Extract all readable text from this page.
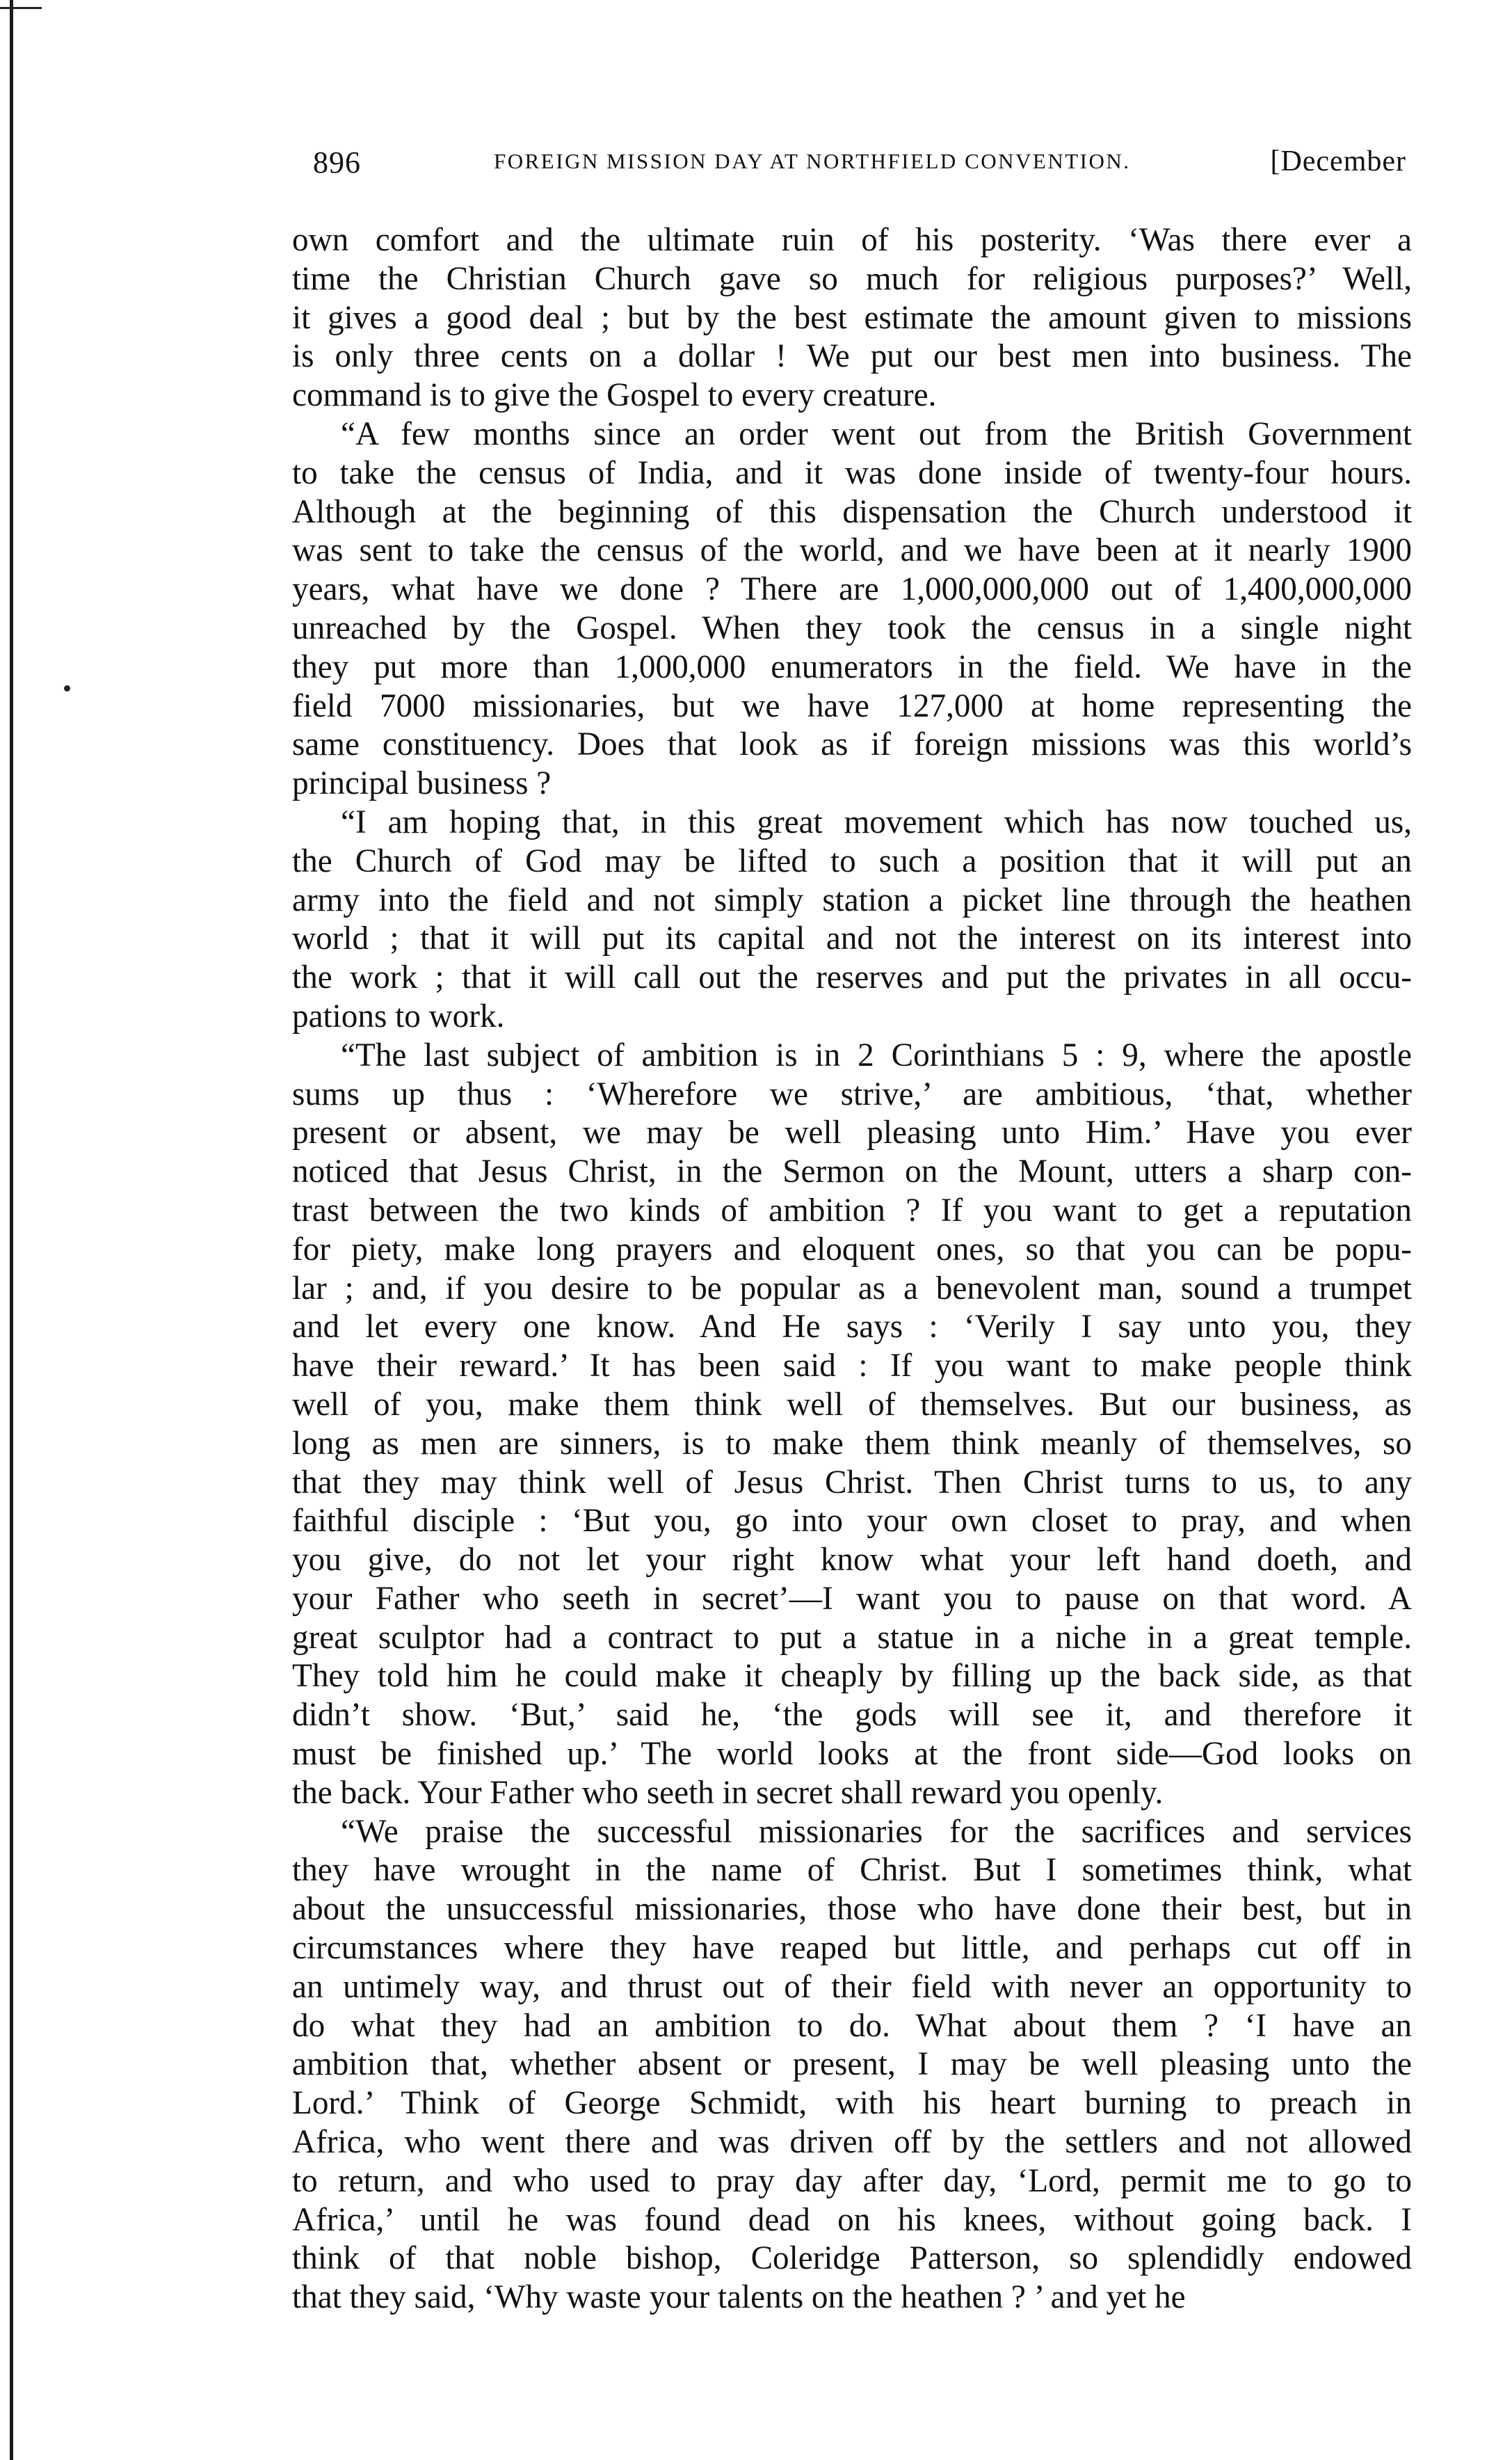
896	FOREIGN MISSION DAY AT NORTHFIELD CONVENTION.	[December
own comfort and the ultimate ruin of his posterity. ‘Was there ever a
time the Christian Church gave so much for religious purposes?’ Well,
it gives a good deal ; but by the best estimate the amount given to missions
is only three cents on a dollar ! We put our best men into business. The
command is to give the Gospel to every creature.
“A few months since an order went out from the British Government
to take the census of India, and it was done inside of twenty-four hours.
Although at the beginning of this dispensation the Church understood it
was sent to take the census of the world, and we have been at it nearly 1900
years, what have we done ? There are 1,000,000,000 out of 1,400,000,000
unreached by the Gospel. When they took the census in a single night
they put more than 1,000,000 enumerators in the field. We have in the
field 7000 missionaries, but we have 127,000 at home representing the
same constituency. Does that look as if foreign missions was this world’s
principal business ?
“I am hoping that, in this great movement which has now touched us,
the Church of God may be lifted to such a position that it will put an
army into the field and not simply station a picket line through the heathen
world ; that it will put its capital and not the interest on its interest into
the work ; that it will call out the reserves and put the privates in all occu-
pations to work.
“The last subject of ambition is in 2 Corinthians 5 : 9, where the apostle
sums up thus : ‘Wherefore we strive,’ are ambitious, ‘that, whether
present or absent, we may be well pleasing unto Him.’ Have you ever
noticed that Jesus Christ, in the Sermon on the Mount, utters a sharp con-
trast between the two kinds of ambition ? If you want to get a reputation
for piety, make long prayers and eloquent ones, so that you can be popu-
lar ; and, if you desire to be popular as a benevolent man, sound a trumpet
and let every one know. And He says : ‘Verily I say unto you, they
have their reward.’ It has been said : If you want to make people think
well of you, make them think well of themselves. But our business, as
long as men are sinners, is to make them think meanly of themselves, so
that they may think well of Jesus Christ. Then Christ turns to us, to any
faithful disciple : ‘But you, go into your own closet to pray, and when
you give, do not let your right know what your left hand doeth, and
your Father who seeth in secret’—I want you to pause on that word. A
great sculptor had a contract to put a statue in a niche in a great temple.
They told him he could make it cheaply by filling up the back side, as that
didn’t show. ‘But,’ said he, ‘the gods will see it, and therefore it
must be finished up.’ The world looks at the front side—God looks on
the back. Your Father who seeth in secret shall reward you openly.
“We praise the successful missionaries for the sacrifices and services
they have wrought in the name of Christ. But I sometimes think, what
about the unsuccessful missionaries, those who have done their best, but in
circumstances where they have reaped but little, and perhaps cut off in
an untimely way, and thrust out of their field with never an opportunity to
do what they had an ambition to do. What about them ? ‘I have an
ambition that, whether absent or present, I may be well pleasing unto the
Lord.’ Think of George Schmidt, with his heart burning to preach in
Africa, who went there and was driven off by the settlers and not allowed
to return, and who used to pray day after day, ‘Lord, permit me to go to
Africa,’ until he was found dead on his knees, without going back. I
think of that noble bishop, Coleridge Patterson, so splendidly endowed
that they said, ‘Why waste your talents on the heathen ? ’ and yet he
